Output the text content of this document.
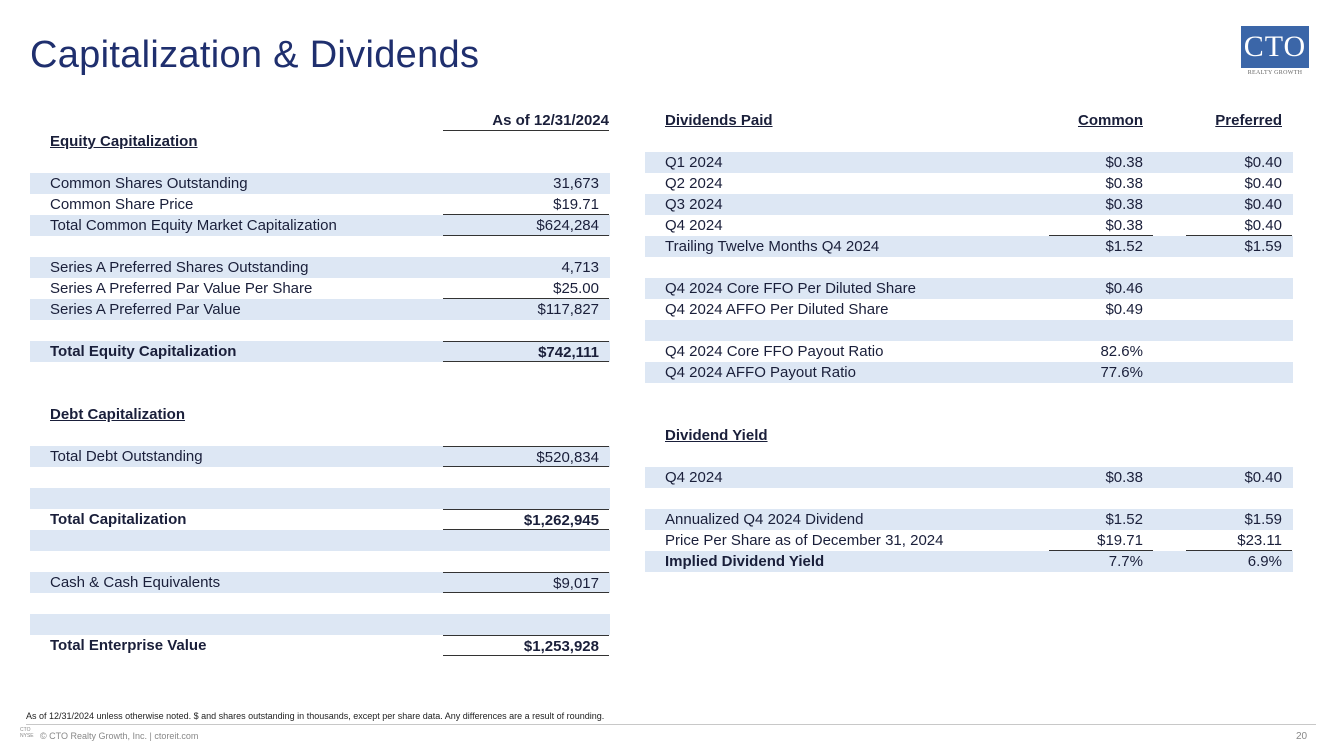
Capitalization & Dividends	CTO
REALTY GROWTH
As of 12/31/2024
Equity Capitalization
Common Shares Outstanding	31,673
Common Share Price	$19.71
Total Common Equity Market Capitalization	$624,284
Series A Preferred Shares Outstanding	4,713
Series A Preferred Par Value Per Share	$25.00
Series A Preferred Par Value	$117,827
Total Equity Capitalization	$742,111
Debt Capitalization
Total Debt Outstanding	$520,834
Total Capitalization	$1,262,945
Cash & Cash Equivalents	$9,017
Total Enterprise Value	$1,253,928
Dividends Paid	Common	Preferred
Q1 2024	$0.38	$0.40
Q2 2024	$0.38	$0.40
Q3 2024	$0.38	$0.40
Q4 2024	$0.38	$0.40
Trailing Twelve Months Q4 2024	$1.52	$1.59
Q4 2024 Core FFO Per Diluted Share	$0.46
Q4 2024 AFFO Per Diluted Share	$0.49
Q4 2024 Core FFO Payout Ratio	82.6%
Q4 2024 AFFO Payout Ratio	77.6%
Dividend Yield
Q4 2024	$0.38	$0.40
Annualized Q4 2024 Dividend	$1.52	$1.59
Price Per Share as of December 31, 2024	$19.71	$23.11
Implied Dividend Yield	7.7%	6.9%
As of 12/31/2024 unless otherwise noted. $ and shares outstanding in thousands, except per share data. Any differences are a result of rounding.
CTO NYSE © CTO Realty Growth, Inc. | ctoreit.com	20
